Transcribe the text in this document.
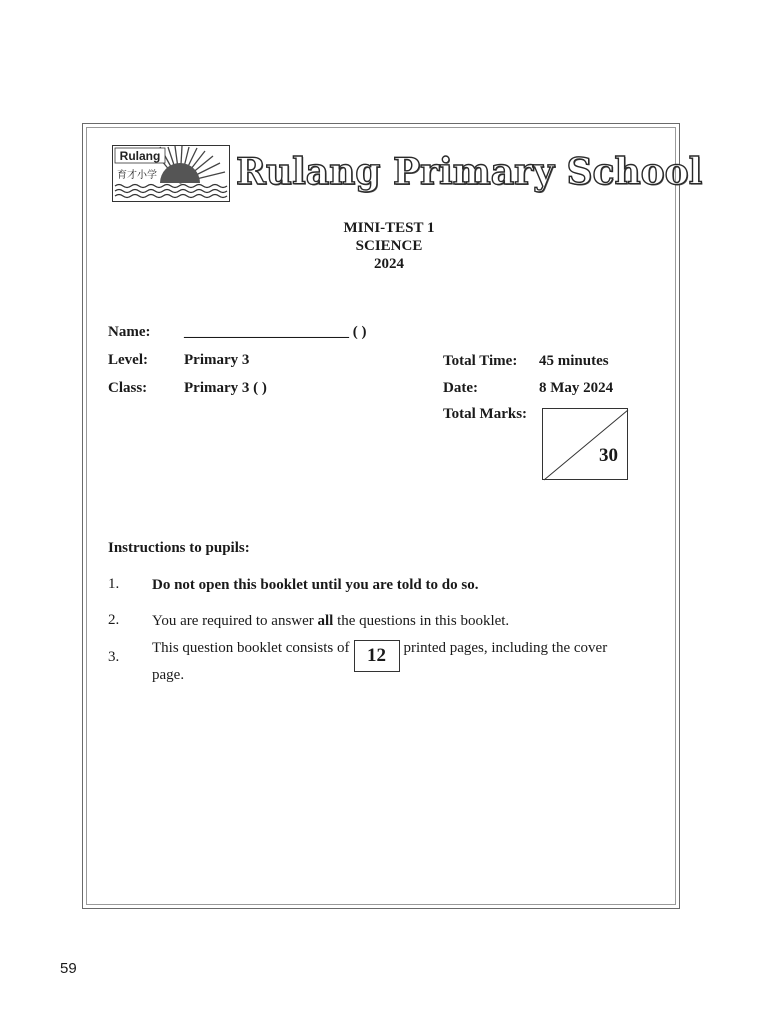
Rulang
育才小学 Rulang Primary School
MINI-TEST 1
SCIENCE
2024
Name: ______________________ ( )
Level: Primary 3
Class: Primary 3 ( )
Total Time: 45 minutes
Date:	8 May 2024
Total Marks:
30
Instructions to pupils:
1. Do not open this booklet until you are told to do so.
2. You are required to answer all the questions in this booklet.
3.
This question booklet consists of 12 printed pages, including the cover
page.
59
